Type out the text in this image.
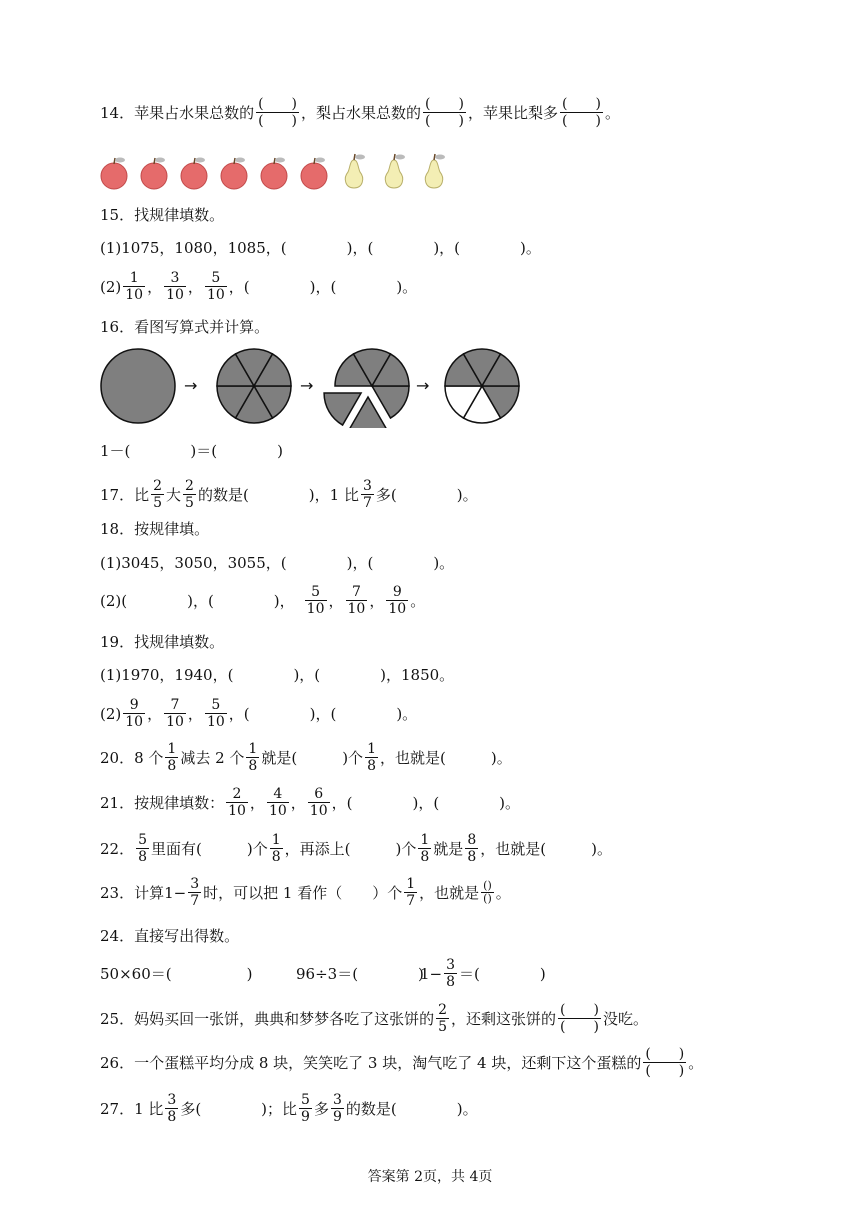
14．苹果占水果总数的 $\frac{( )}{( )}$ ，梨占水果总数的 $\frac{( )}{( )}$ ，苹果比梨多 $\frac{( )}{( )}$ 。
15．找规律填数。
(1)1075，1080，1085，(　　　　)，(　　　　)，(　　　　)。
$(2) \frac{1}{10}$ ， $\frac{3}{10}$ ， $\frac{5}{10}$ ，(　　　　)，(　　　　)。
16．看图写算式并计算。
→	→	→
1－(　　　　)＝(　　　　)
17．比 $\frac{2}{5}$ 大 $\frac{2}{5}$ 的数是(　　　　)，1 比 $\frac{3}{7}$ 多(　　　　)。
18．按规律填。
(1)3045，3050，3055，(　　　　)，(　　　　)。
(2)(　　　　)，(　　　　)， $\frac{5}{10}$ ， $\frac{7}{10}$ ， $\frac{9}{10}$ 。
19．找规律填数。
(1)1970，1940，(　　　　)，(　　　　)，1850。
$(2) \frac{9}{10}$ ， $\frac{7}{10}$ ， $\frac{5}{10}$ ，(　　　　)，(　　　　)。
20．8 个 $\frac{1}{8}$ 减去 2 个 $\frac{1}{8}$ 就是(　　　)个 $\frac{1}{8}$ ，也就是(　　　)。
21．按规律填数： $\frac{2}{10}$ ， $\frac{4}{10}$ ， $\frac{6}{10}$ ，(　　　　)，(　　　　)。
22． $\frac{5}{8}$ 里面有(　　　)个 $\frac{1}{8}$ ，再添上(　　　)个 $\frac{1}{8}$ 就是 $\frac{8}{8}$ ，也就是(　　　)。
23．计算$1- \frac{3}{7}$ 时，可以把 1 看作（　　）个 $\frac{1}{7}$ ，也就是 $\frac{()}{()}$ 。
24．直接写出得数。
50×60＝(　　　　　)	96÷3＝(　　　　)
$1- \frac{3}{8}$ ＝(　　　　)
25．妈妈买回一张饼，典典和梦梦各吃了这张饼的 $\frac{2}{5}$ ，还剩这张饼的 $\frac{( )}{( )}$ 没吃。
26．一个蛋糕平均分成 8 块，笑笑吃了 3 块，淘气吃了 4 块，还剩下这个蛋糕的 $\frac{( )}{( )}$ 。
27．1 比 $\frac{3}{8}$ 多(　　　　)；比 $\frac{5}{9}$ 多 $\frac{3}{9}$ 的数是(　　　　)。
答案第 2页，共 4页
